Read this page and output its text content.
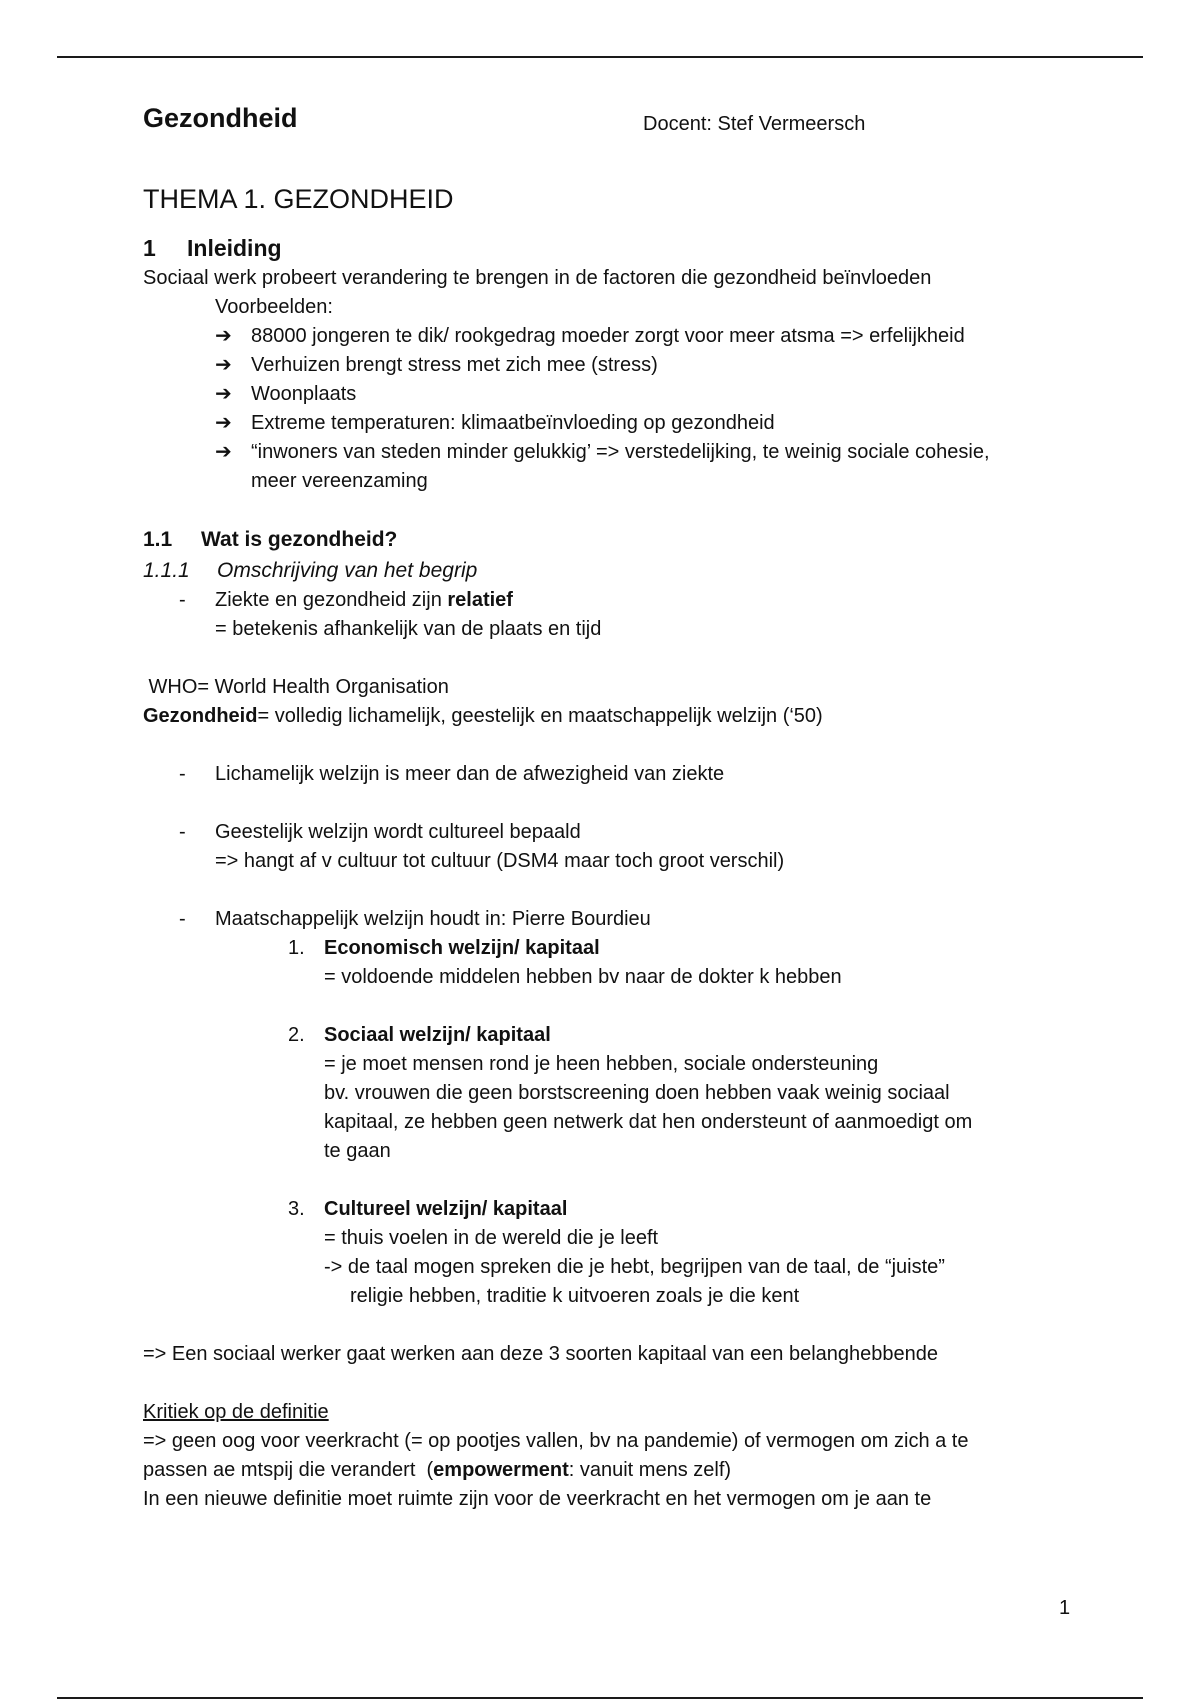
Gezondheid	Docent: Stef Vermeersch
THEMA 1. GEZONDHEID
1 Inleiding
Sociaal werk probeert verandering te brengen in de factoren die gezondheid beïnvloeden
Voorbeelden:
➔ 88000 jongeren te dik/ rookgedrag moeder zorgt voor meer atsma => erfelijkheid
➔ Verhuizen brengt stress met zich mee (stress)
➔ Woonplaats
➔ Extreme temperaturen: klimaatbeïnvloeding op gezondheid
➔ “inwoners van steden minder gelukkig’ => verstedelijking, te weinig sociale cohesie, meer vereenzaming
1.1 Wat is gezondheid?
1.1.1 Omschrijving van het begrip
- Ziekte en gezondheid zijn relatief
= betekenis afhankelijk van de plaats en tijd
WHO= World Health Organisation
Gezondheid= volledig lichamelijk, geestelijk en maatschappelijk welzijn (‘50)
- Lichamelijk welzijn is meer dan de afwezigheid van ziekte
- Geestelijk welzijn wordt cultureel bepaald
=> hangt af v cultuur tot cultuur (DSM4 maar toch groot verschil)
- Maatschappelijk welzijn houdt in: Pierre Bourdieu
1. Economisch welzijn/ kapitaal
= voldoende middelen hebben bv naar de dokter k hebben
2. Sociaal welzijn/ kapitaal
= je moet mensen rond je heen hebben, sociale ondersteuning
bv. vrouwen die geen borstscreening doen hebben vaak weinig sociaal
kapitaal, ze hebben geen netwerk dat hen ondersteunt of aanmoedigt om
te gaan
3. Cultureel welzijn/ kapitaal
= thuis voelen in de wereld die je leeft
-> de taal mogen spreken die je hebt, begrijpen van de taal, de “juiste”
religie hebben, traditie k uitvoeren zoals je die kent
=> Een sociaal werker gaat werken aan deze 3 soorten kapitaal van een belanghebbende
Kritiek op de definitie
=> geen oog voor veerkracht (= op pootjes vallen, bv na pandemie) of vermogen om zich a te
passen ae mtspij die verandert  (empowerment: vanuit mens zelf)
In een nieuwe definitie moet ruimte zijn voor de veerkracht en het vermogen om je aan te
1
